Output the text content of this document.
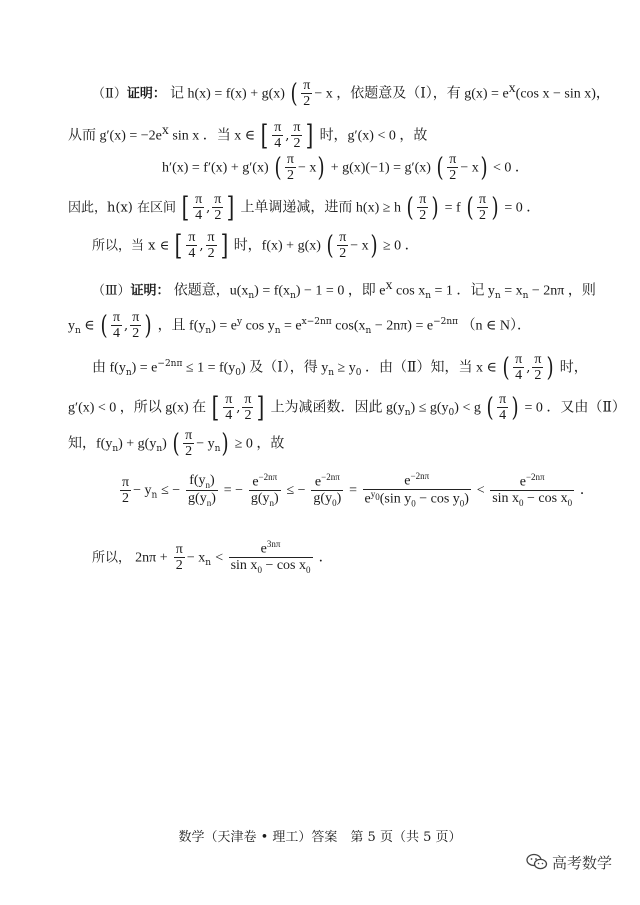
（Ⅱ）证明： 记 h(x) = f(x) + g(x) ( $\frac{\pi}{2} - x$ ，依题意及（Ⅰ），有 $g(x) = e^x(\cos$ x − sin x)，
从而 $g'(x) = -2e^x$ sin x ．当 x ∈ [ $\frac{\pi}{4}$ , $\frac{\pi}{2}$ ] 时，g′(x) < 0 ，故
h′(x) = f′(x) + g′(x) ( $\frac{\pi}{2} - x) + g(x)(-1) = g'(x)$ ( $\frac{\pi}{2} - x) < 0$ ．
因此，h(x) 在区间 [ $\frac{\pi}{4}$ , $\frac{\pi}{2}$ ] 上单调递减，进而 h(x) ≥ h ( $\frac{\pi}{2}$ ) = f ( $\frac{\pi}{2}$ ) = 0 ．
所以，当 x ∈ [ $\frac{\pi}{4}$ , $\frac{\pi}{2}$ ] 时，f(x) + g(x) ( $\frac{\pi}{2} - x) \ge 0$ ．
（Ⅲ）证明： 依题意，$u(x_n) = f(x_n) - 1 = 0$ ，即 $e^x$ $\cos x_n = 1$ ．记 $y_n = x_n - 2n\pi$ ，则
$y_n$ ∈ ( $\frac{\pi}{4}$ , $\frac{\pi}{2}$ ) ，且 $f(y_n) = e^y$ $\cos y_n = e^{x-2n\pi}$ $\cos(x_n - 2n\pi) = e^{-2n\pi}$ （n ∈ N）．
由 $f(y_n) = e^{-2n\pi} \le 1 = f(y_0)$ 及（Ⅰ），得 $y_n \ge y_0$ ．由（Ⅱ）知，当 x ∈ ( $\frac{\pi}{4}$ , $\frac{\pi}{2}$ ) 时，
g′(x) < 0 ，所以 g(x) 在 [ $\frac{\pi}{4}$ , $\frac{\pi}{2}$ ] 上为减函数．因此 $g(y_n) \le g(y_0) < g$ ( $\frac{\pi}{4}$ ) = 0 ．又由（Ⅱ）
知，$f(y_n) + g(y_n)$ ( $\frac{\pi}{2} - y_n) \ge 0$ ，故
$\frac{\pi}{2} - y_n$ ≤ − $\frac{f(y_n)}{g(y_n)}$ = − $\frac{e^{-2n\pi}}{g(y_n)}$ ≤ − $\frac{e^{-2n\pi}}{g(y_0)} = \frac{e^{-2n\pi}}{e^{y_0}(\sin y_0 - \cos y_0)} < \frac{e^{-2n\pi}}{\sin x_0 - \cos x_0}$ ．
所以， $2n\pi + \frac{\pi}{2} - x_n < \frac{e^{3n\pi}}{\sin x_0 - \cos x_0}$ ．
数学（天津卷 • 理工）答案　第 5 页（共 5 页）
高考数学
